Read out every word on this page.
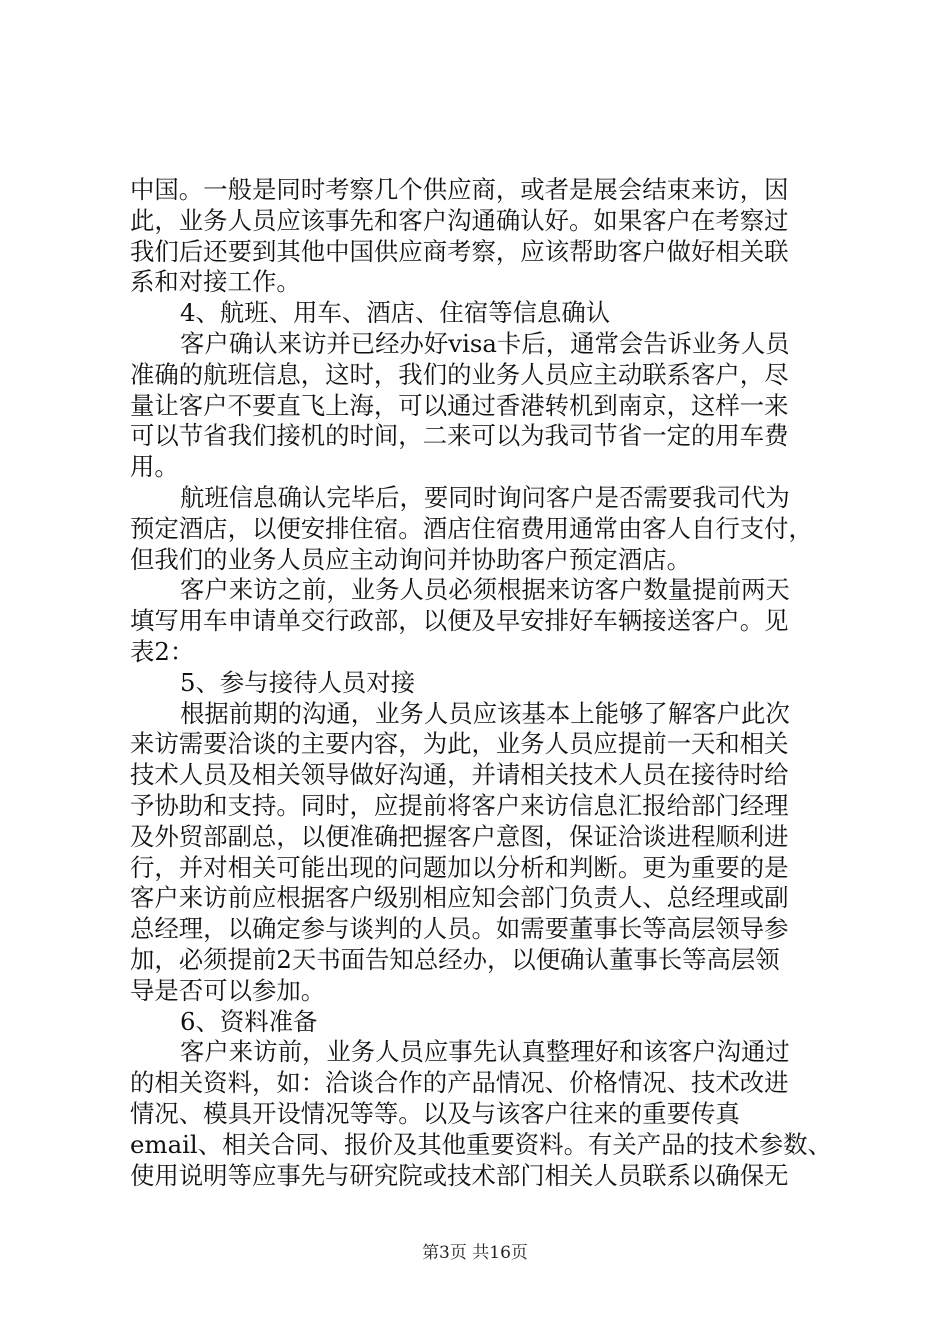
中国。一般是同时考察几个供应商，或者是展会结束来访，因
此，业务人员应该事先和客户沟通确认好。如果客户在考察过
我们后还要到其他中国供应商考察，应该帮助客户做好相关联
系和对接工作。
4、航班、用车、酒店、住宿等信息确认
客户确认来访并已经办好visa卡后，通常会告诉业务人员
准确的航班信息，这时，我们的业务人员应主动联系客户，尽
量让客户不要直飞上海，可以通过香港转机到南京，这样一来
可以节省我们接机的时间，二来可以为我司节省一定的用车费
用。
航班信息确认完毕后，要同时询问客户是否需要我司代为
预定酒店，以便安排住宿。酒店住宿费用通常由客人自行支付，
但我们的业务人员应主动询问并协助客户预定酒店。
客户来访之前，业务人员必须根据来访客户数量提前两天
填写用车申请单交行政部，以便及早安排好车辆接送客户。见
表2：
5、参与接待人员对接
根据前期的沟通，业务人员应该基本上能够了解客户此次
来访需要洽谈的主要内容，为此，业务人员应提前一天和相关
技术人员及相关领导做好沟通，并请相关技术人员在接待时给
予协助和支持。同时，应提前将客户来访信息汇报给部门经理
及外贸部副总，以便准确把握客户意图，保证洽谈进程顺利进
行，并对相关可能出现的问题加以分析和判断。更为重要的是
客户来访前应根据客户级别相应知会部门负责人、总经理或副
总经理，以确定参与谈判的人员。如需要董事长等高层领导参
加，必须提前2天书面告知总经办，以便确认董事长等高层领
导是否可以参加。
6、资料准备
客户来访前，业务人员应事先认真整理好和该客户沟通过
的相关资料，如：洽谈合作的产品情况、价格情况、技术改进
情况、模具开设情况等等。以及与该客户往来的重要传真
email、相关合同、报价及其他重要资料。有关产品的技术参数、
使用说明等应事先与研究院或技术部门相关人员联系以确保无
第3页 共16页
